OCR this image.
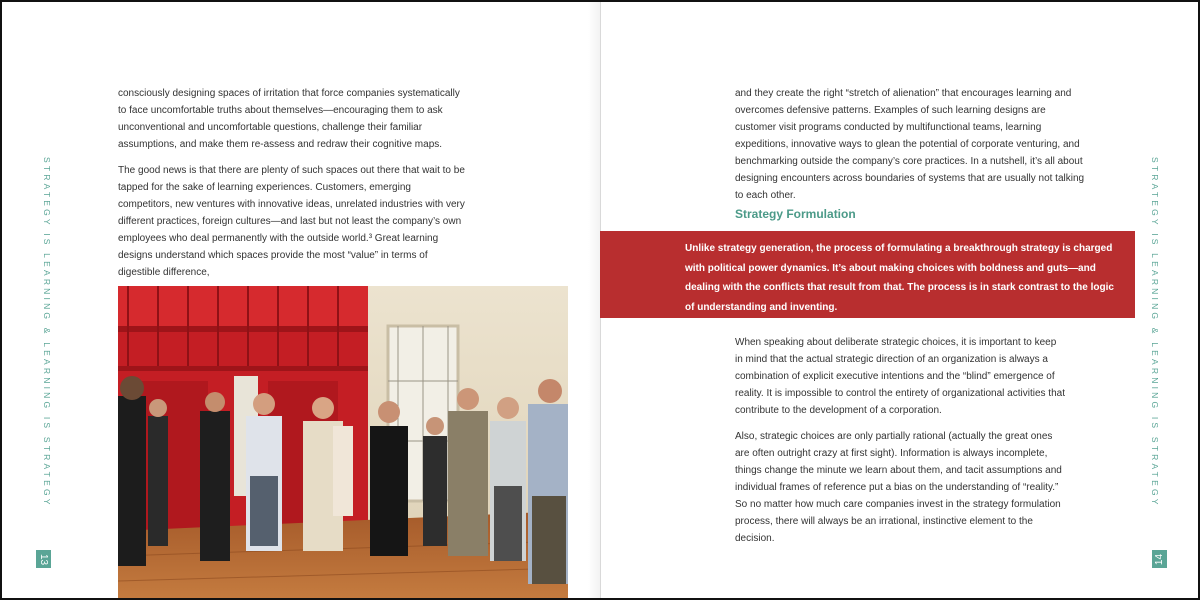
STRATEGY IS LEARNING & LEARNING IS STRATEGY
13

consciously designing spaces of irritation that force companies systematically to face uncomfortable truths about themselves—encouraging them to ask unconventional and uncomfortable questions, challenge their familiar assumptions, and make them re-assess and redraw their cognitive maps.

The good news is that there are plenty of such spaces out there that wait to be tapped for the sake of learning experiences. Customers, emerging competitors, new ventures with innovative ideas, unrelated industries with very different practices, foreign cultures—and last but not least the company’s own employees who deal permanently with the outside world.³ Great learning designs understand which spaces provide the most “value” in terms of digestible difference,

and they create the right “stretch of alienation” that encourages learning and overcomes defensive patterns. Examples of such learning designs are customer visit programs conducted by multifunctional teams, learning expeditions, innovative ways to glean the potential of corporate venturing, and benchmarking outside the company’s core practices. In a nutshell, it’s all about designing encounters across boundaries of systems that are usually not talking to each other.

Strategy Formulation
Unlike strategy generation, the process of formulating a breakthrough strategy is charged with political power dynamics. It’s about making choices with boldness and guts—and dealing with the conflicts that result from that. The process is in stark contrast to the logic of understanding and inventing.

When speaking about deliberate strategic choices, it is important to keep in mind that the actual strategic direction of an organization is always a combination of explicit executive intentions and the “blind” emergence of reality. It is impossible to control the entirety of organizational activities that contribute to the development of a corporation.

Also, strategic choices are only partially rational (actually the great ones are often outright crazy at first sight). Information is always incomplete, things change the minute we learn about them, and tacit assumptions and individual frames of reference put a bias on the understanding of “reality.” So no matter how much care companies invest in the strategy formulation process, there will always be an irrational, instinctive element to the decision.

STRATEGY IS LEARNING & LEARNING IS STRATEGY
14
